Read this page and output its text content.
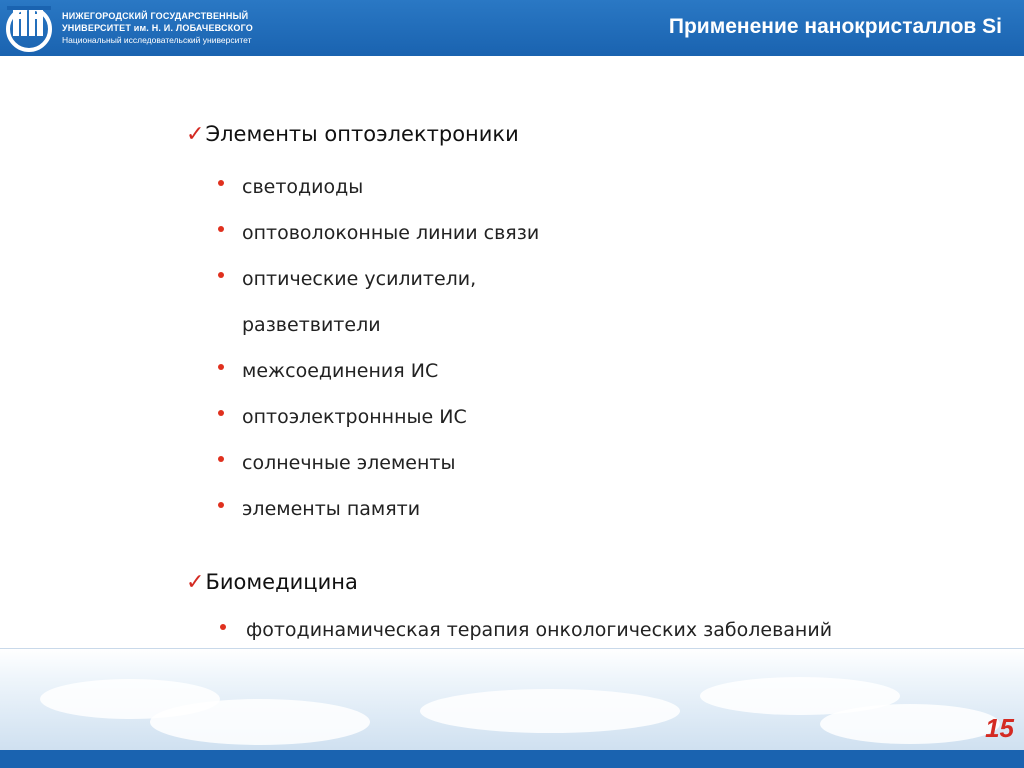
НИЖЕГОРОДСКИЙ ГОСУДАРСТВЕННЫЙ
УНИВЕРСИТЕТ им. Н. И. ЛОБАЧЕВСКОГО
Национальный исследовательский университет
Применение нанокристаллов Si
✓Элементы оптоэлектроники
светодиоды
оптоволоконные линии связи
оптические усилители,
разветвители
межсоединения ИС
оптоэлектроннные ИС
солнечные элементы
элементы памяти
✓Биомедицина
фотодинамическая терапия онкологических заболеваний
15
